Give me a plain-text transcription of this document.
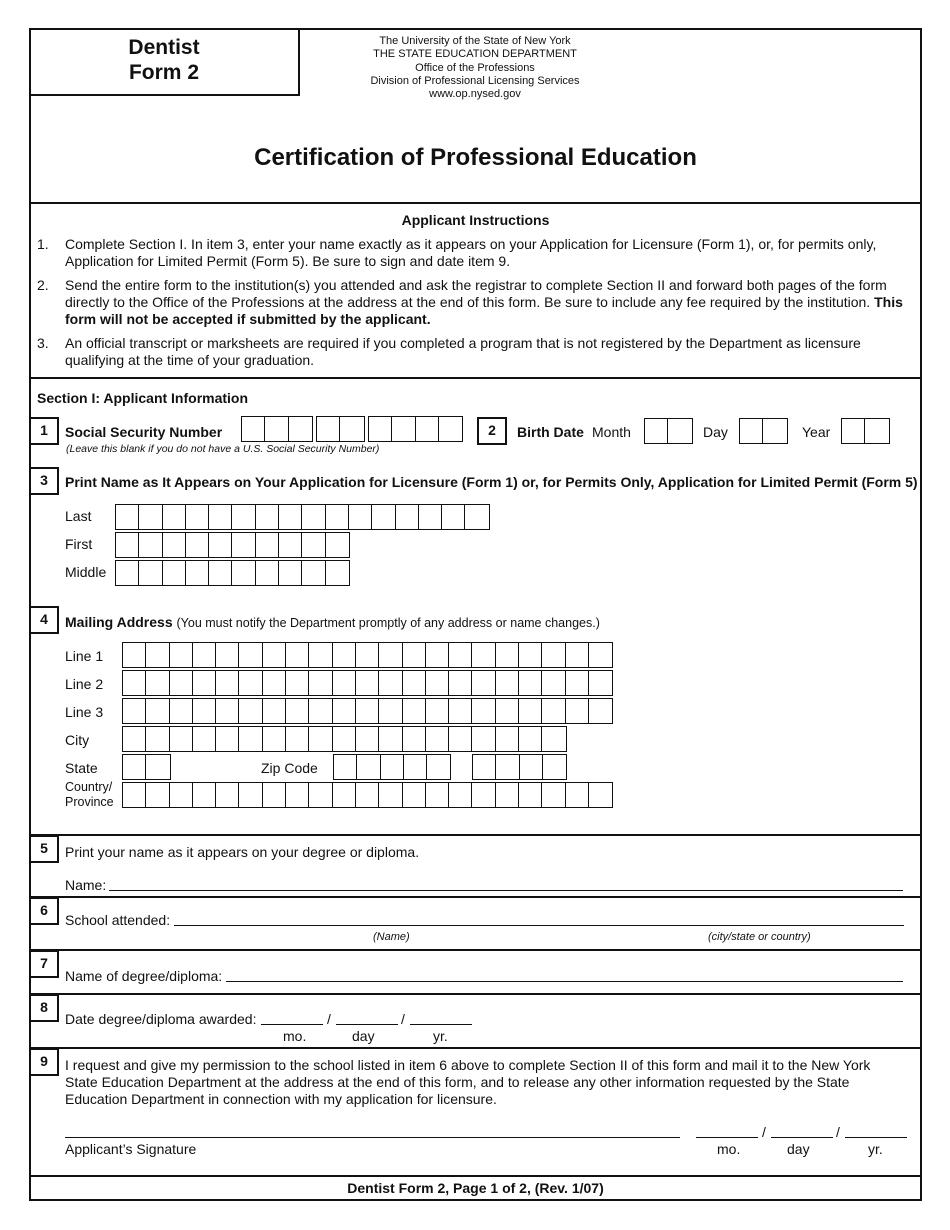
Dentist
Form 2
The University of the State of New York
THE STATE EDUCATION DEPARTMENT
Office of the Professions
Division of Professional Licensing Services
www.op.nysed.gov
Certification of Professional Education
Applicant Instructions
1. Complete Section I. In item 3, enter your name exactly as it appears on your Application for Licensure (Form 1), or, for permits only, Application for Limited Permit (Form 5). Be sure to sign and date item 9.
2. Send the entire form to the institution(s) you attended and ask the registrar to complete Section II and forward both pages of the form directly to the Office of the Professions at the address at the end of this form. Be sure to include any fee required by the institution. This form will not be accepted if submitted by the applicant.
3. An official transcript or marksheets are required if you completed a program that is not registered by the Department as licensure qualifying at the time of your graduation.
Section I: Applicant Information
1	Social Security Number
(Leave this blank if you do not have a U.S. Social Security Number)
2	Birth Date Month	Day	Year
3	Print Name as It Appears on Your Application for Licensure (Form 1) or, for Permits Only, Application for Limited Permit (Form 5)
Last
First
Middle
4	Mailing Address (You must notify the Department promptly of any address or name changes.)
Line 1
Line 2
Line 3
City
State	Zip Code
Country/
Province
5	Print your name as it appears on your degree or diploma.
Name:
6
School attended:
(Name)	(city/state or country)
7
Name of degree/diploma:
8
Date degree/diploma awarded:	/	/
mo.	day	yr.
9	I request and give my permission to the school listed in item 6 above to complete Section II of this form and mail it to the New York State Education Department at the address at the end of this form, and to release any other information requested by the State Education Department in connection with my application for licensure.
Applicant’s Signature
/	/
mo.	day	yr.
Dentist Form 2, Page 1 of 2, (Rev. 1/07)
